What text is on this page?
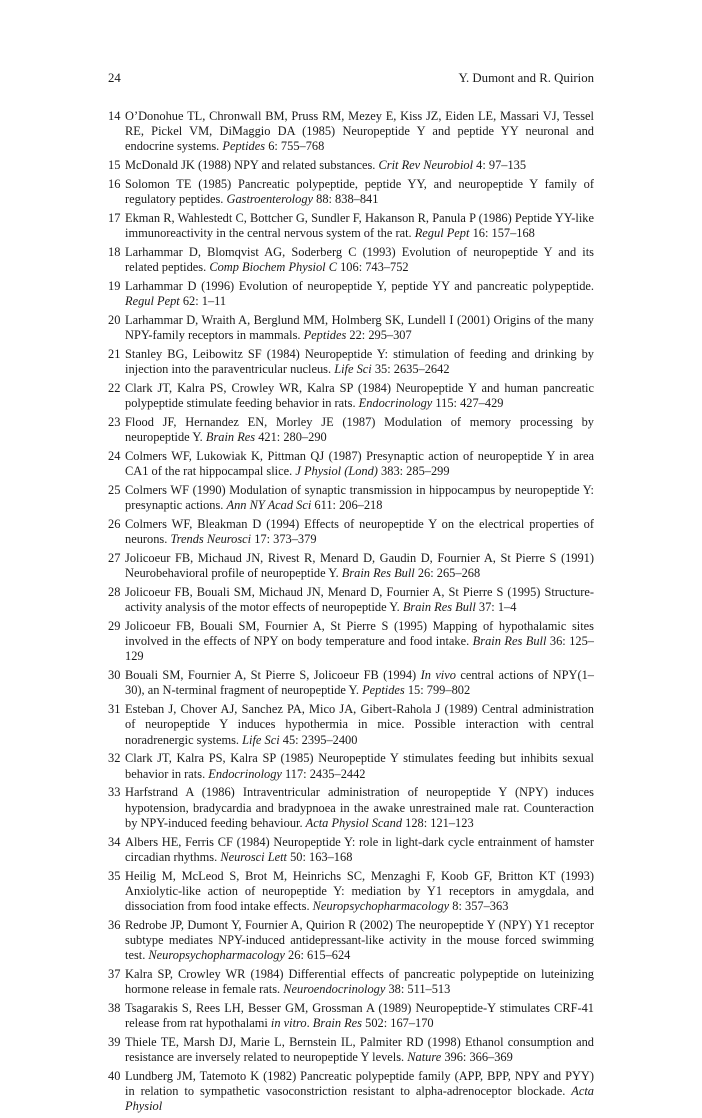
24	Y. Dumont and R. Quirion
14 O’Donohue TL, Chronwall BM, Pruss RM, Mezey E, Kiss JZ, Eiden LE, Massari VJ, Tessel RE, Pickel VM, DiMaggio DA (1985) Neuropeptide Y and peptide YY neuronal and endocrine systems. Peptides 6: 755–768
15 McDonald JK (1988) NPY and related substances. Crit Rev Neurobiol 4: 97–135
16 Solomon TE (1985) Pancreatic polypeptide, peptide YY, and neuropeptide Y family of regulatory peptides. Gastroenterology 88: 838–841
17 Ekman R, Wahlestedt C, Bottcher G, Sundler F, Hakanson R, Panula P (1986) Peptide YY-like immunoreactivity in the central nervous system of the rat. Regul Pept 16: 157–168
18 Larhammar D, Blomqvist AG, Soderberg C (1993) Evolution of neuropeptide Y and its related peptides. Comp Biochem Physiol C 106: 743–752
19 Larhammar D (1996) Evolution of neuropeptide Y, peptide YY and pancreatic polypeptide. Regul Pept 62: 1–11
20 Larhammar D, Wraith A, Berglund MM, Holmberg SK, Lundell I (2001) Origins of the many NPY-family receptors in mammals. Peptides 22: 295–307
21 Stanley BG, Leibowitz SF (1984) Neuropeptide Y: stimulation of feeding and drinking by injection into the paraventricular nucleus. Life Sci 35: 2635–2642
22 Clark JT, Kalra PS, Crowley WR, Kalra SP (1984) Neuropeptide Y and human pancreatic polypeptide stimulate feeding behavior in rats. Endocrinology 115: 427–429
23 Flood JF, Hernandez EN, Morley JE (1987) Modulation of memory processing by neuropeptide Y. Brain Res 421: 280–290
24 Colmers WF, Lukowiak K, Pittman QJ (1987) Presynaptic action of neuropeptide Y in area CA1 of the rat hippocampal slice. J Physiol (Lond) 383: 285–299
25 Colmers WF (1990) Modulation of synaptic transmission in hippocampus by neuropeptide Y: presynaptic actions. Ann NY Acad Sci 611: 206–218
26 Colmers WF, Bleakman D (1994) Effects of neuropeptide Y on the electrical properties of neurons. Trends Neurosci 17: 373–379
27 Jolicoeur FB, Michaud JN, Rivest R, Menard D, Gaudin D, Fournier A, St Pierre S (1991) Neurobehavioral profile of neuropeptide Y. Brain Res Bull 26: 265–268
28 Jolicoeur FB, Bouali SM, Michaud JN, Menard D, Fournier A, St Pierre S (1995) Structure-activity analysis of the motor effects of neuropeptide Y. Brain Res Bull 37: 1–4
29 Jolicoeur FB, Bouali SM, Fournier A, St Pierre S (1995) Mapping of hypothalamic sites involved in the effects of NPY on body temperature and food intake. Brain Res Bull 36: 125–129
30 Bouali SM, Fournier A, St Pierre S, Jolicoeur FB (1994) In vivo central actions of NPY(1–30), an N-terminal fragment of neuropeptide Y. Peptides 15: 799–802
31 Esteban J, Chover AJ, Sanchez PA, Mico JA, Gibert-Rahola J (1989) Central administration of neuropeptide Y induces hypothermia in mice. Possible interaction with central noradrenergic systems. Life Sci 45: 2395–2400
32 Clark JT, Kalra PS, Kalra SP (1985) Neuropeptide Y stimulates feeding but inhibits sexual behavior in rats. Endocrinology 117: 2435–2442
33 Harfstrand A (1986) Intraventricular administration of neuropeptide Y (NPY) induces hypotension, bradycardia and bradypnoea in the awake unrestrained male rat. Counteraction by NPY-induced feeding behaviour. Acta Physiol Scand 128: 121–123
34 Albers HE, Ferris CF (1984) Neuropeptide Y: role in light-dark cycle entrainment of hamster circadian rhythms. Neurosci Lett 50: 163–168
35 Heilig M, McLeod S, Brot M, Heinrichs SC, Menzaghi F, Koob GF, Britton KT (1993) Anxiolytic-like action of neuropeptide Y: mediation by Y1 receptors in amygdala, and dissociation from food intake effects. Neuropsychopharmacology 8: 357–363
36 Redrobe JP, Dumont Y, Fournier A, Quirion R (2002) The neuropeptide Y (NPY) Y1 receptor subtype mediates NPY-induced antidepressant-like activity in the mouse forced swimming test. Neuropsychopharmacology 26: 615–624
37 Kalra SP, Crowley WR (1984) Differential effects of pancreatic polypeptide on luteinizing hormone release in female rats. Neuroendocrinology 38: 511–513
38 Tsagarakis S, Rees LH, Besser GM, Grossman A (1989) Neuropeptide-Y stimulates CRF-41 release from rat hypothalami in vitro. Brain Res 502: 167–170
39 Thiele TE, Marsh DJ, Marie L, Bernstein IL, Palmiter RD (1998) Ethanol consumption and resistance are inversely related to neuropeptide Y levels. Nature 396: 366–369
40 Lundberg JM, Tatemoto K (1982) Pancreatic polypeptide family (APP, BPP, NPY and PYY) in relation to sympathetic vasoconstriction resistant to alpha-adrenoceptor blockade. Acta Physiol
